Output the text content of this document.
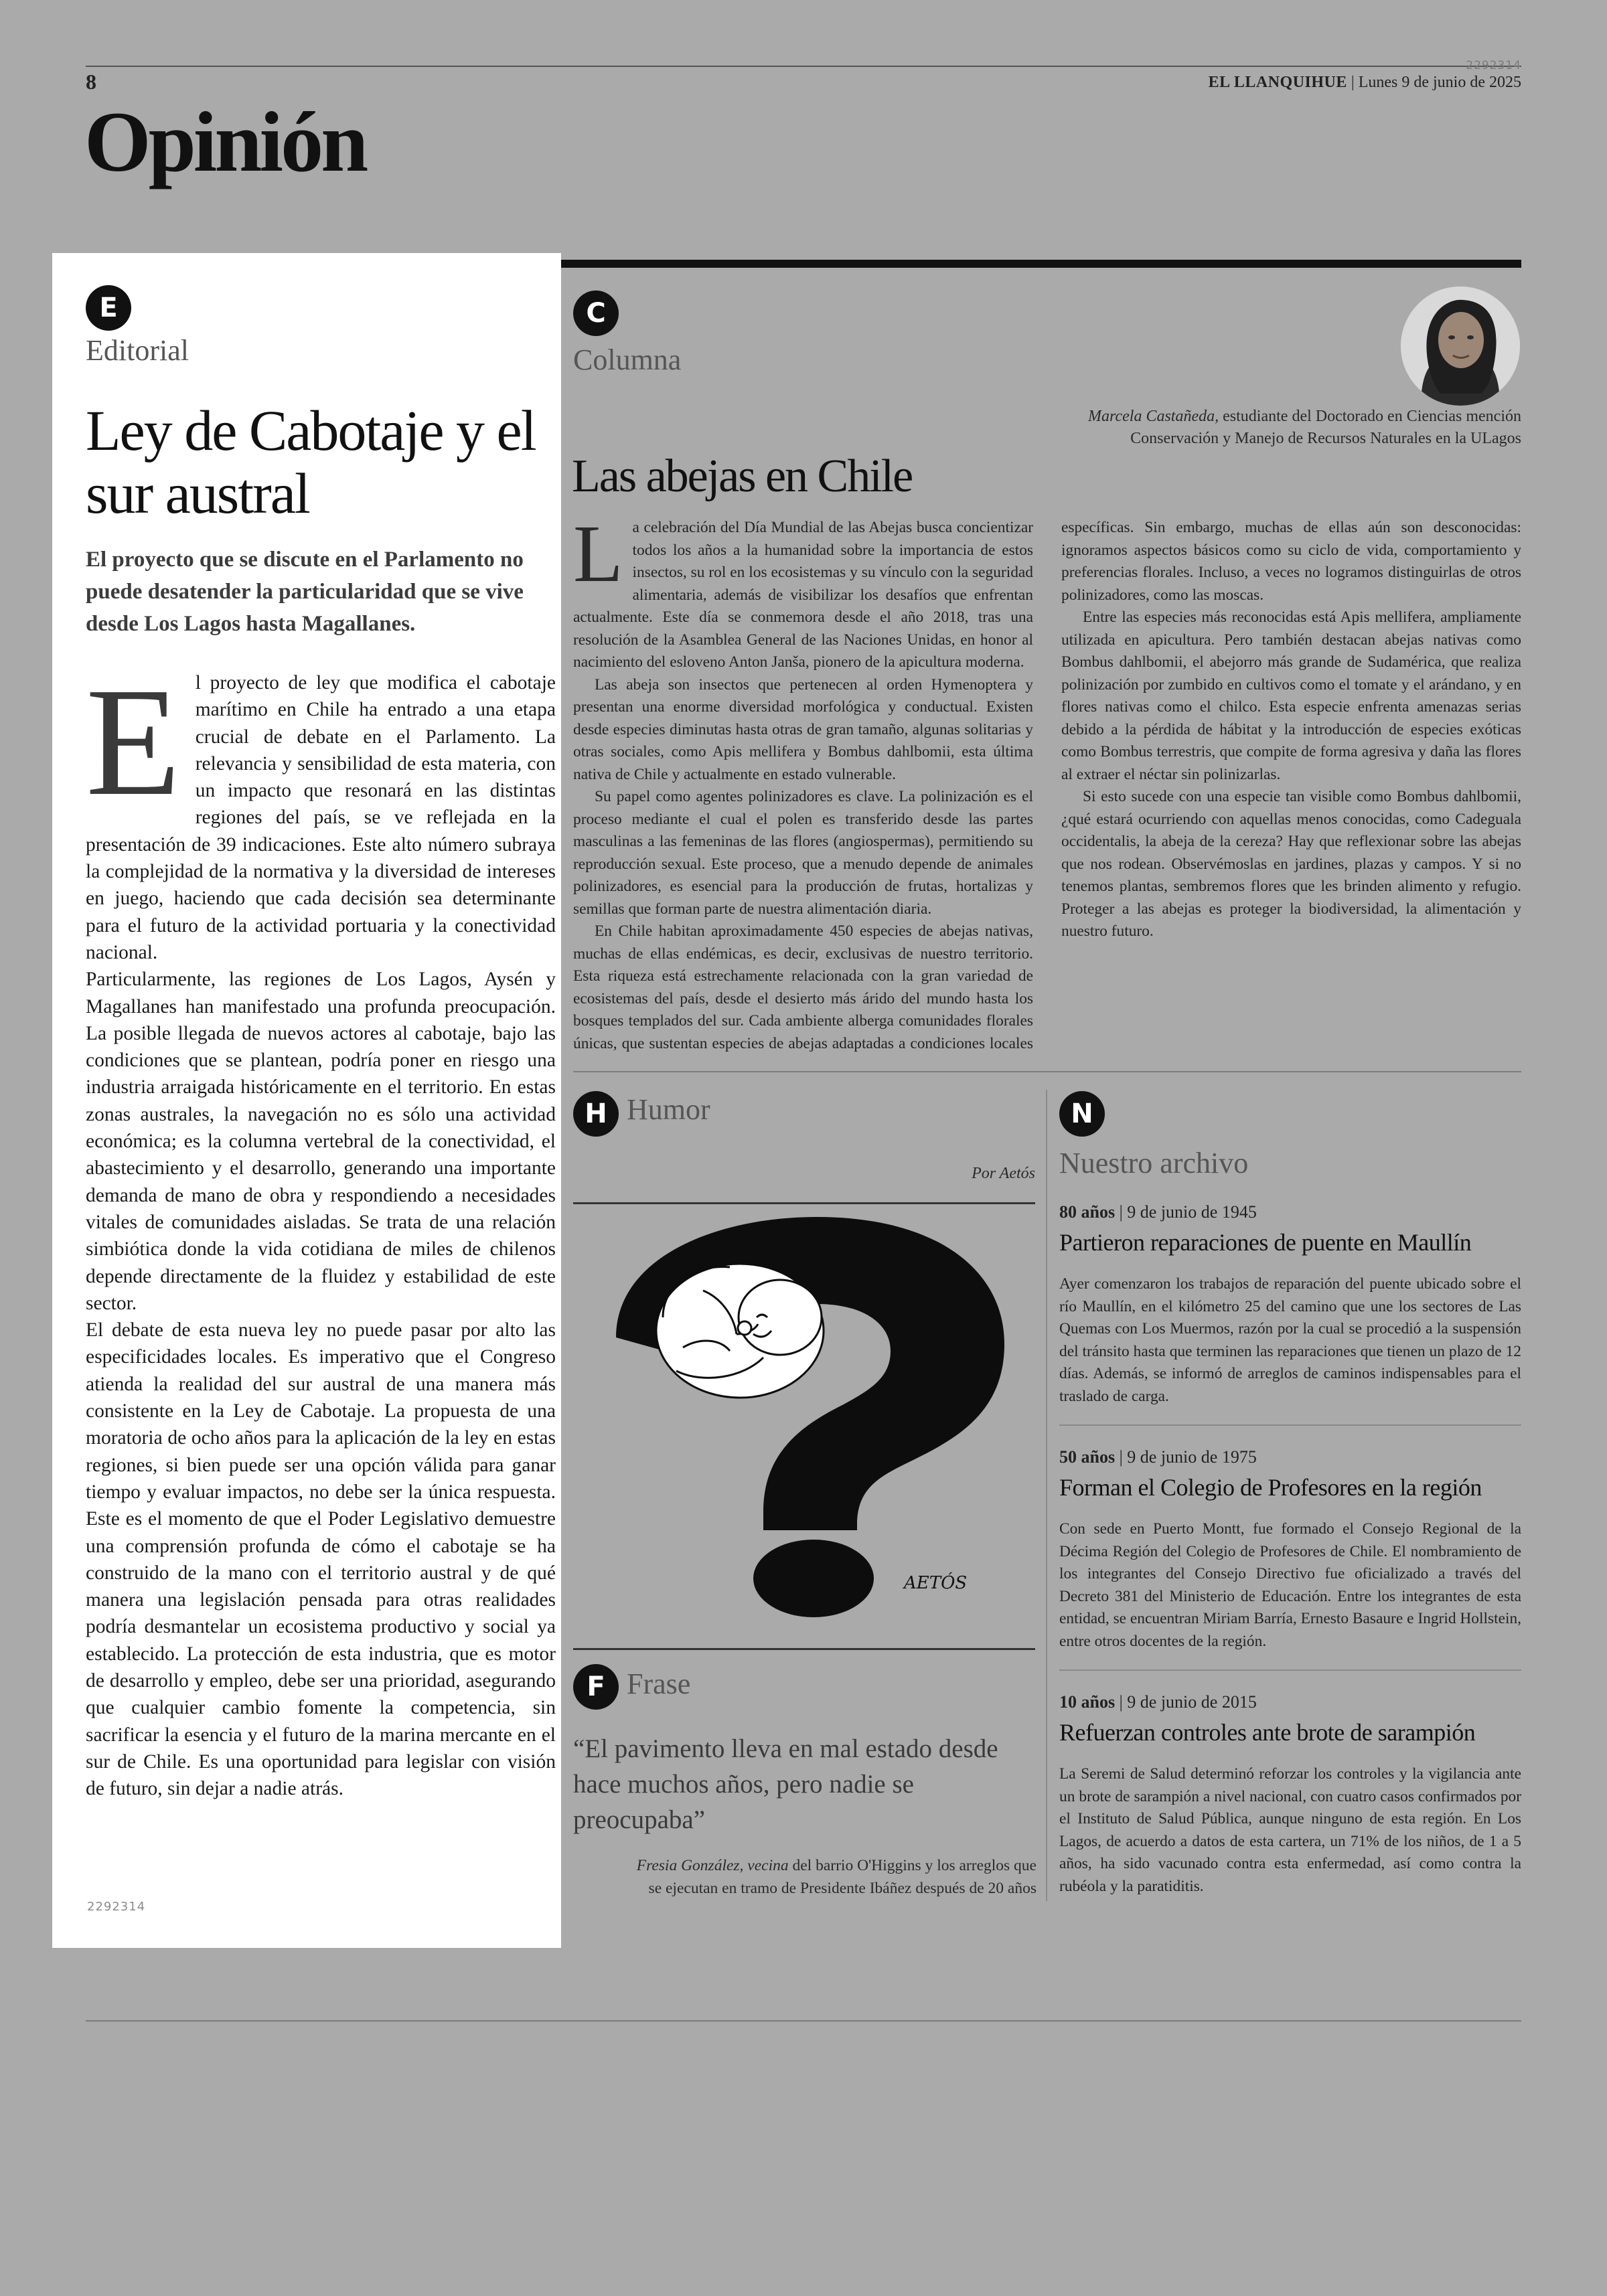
8
2292314
EL LLANQUIHUE | Lunes 9 de junio de 2025
Opinión
E
Editorial
Ley de Cabotaje y el sur austral
El proyecto que se discute en el Parlamento no puede desatender la particularidad que se vive desde Los Lagos hasta Magallanes.

El proyecto de ley que modifica el cabotaje marítimo en Chile ha entrado a una etapa crucial de debate en el Parlamento. La relevancia y sensibilidad de esta materia, con un impacto que resonará en las distintas regiones del país, se ve reflejada en la presentación de 39 indicaciones. Este alto número subraya la complejidad de la normativa y la diversidad de intereses en juego, haciendo que cada decisión sea determinante para el futuro de la actividad portuaria y la conectividad nacional.

Particularmente, las regiones de Los Lagos, Aysén y Magallanes han manifestado una profunda preocupación. La posible llegada de nuevos actores al cabotaje, bajo las condiciones que se plantean, podría poner en riesgo una industria arraigada históricamente en el territorio. En estas zonas australes, la navegación no es sólo una actividad económica; es la columna vertebral de la conectividad, el abastecimiento y el desarrollo, generando una importante demanda de mano de obra y respondiendo a necesidades vitales de comunidades aisladas. Se trata de una relación simbiótica donde la vida cotidiana de miles de chilenos depende directamente de la fluidez y estabilidad de este sector.

El debate de esta nueva ley no puede pasar por alto las especificidades locales. Es imperativo que el Congreso atienda la realidad del sur austral de una manera más consistente en la Ley de Cabotaje. La propuesta de una moratoria de ocho años para la aplicación de la ley en estas regiones, si bien puede ser una opción válida para ganar tiempo y evaluar impactos, no debe ser la única respuesta. Este es el momento de que el Poder Legislativo demuestre una comprensión profunda de cómo el cabotaje se ha construido de la mano con el territorio austral y de qué manera una legislación pensada para otras realidades podría desmantelar un ecosistema productivo y social ya establecido. La protección de esta industria, que es motor de desarrollo y empleo, debe ser una prioridad, asegurando que cualquier cambio fomente la competencia, sin sacrificar la esencia y el futuro de la marina mercante en el sur de Chile. Es una oportunidad para legislar con visión de futuro, sin dejar a nadie atrás.

2292314
C
Columna
Marcela Castañeda, estudiante del Doctorado en Ciencias mención
Conservación y Manejo de Recursos Naturales en la ULagos
Las abejas en Chile

La celebración del Día Mundial de las Abejas busca concientizar todos los años a la humanidad sobre la importancia de estos insectos, su rol en los ecosistemas y su vínculo con la seguridad alimentaria, además de visibilizar los desafíos que enfrentan actualmente. Este día se conmemora desde el año 2018, tras una resolución de la Asamblea General de las Naciones Unidas, en honor al nacimiento del esloveno Anton Janša, pionero de la apicultura moderna.

Las abeja son insectos que pertenecen al orden Hymenoptera y presentan una enorme diversidad morfológica y conductual. Existen desde especies diminutas hasta otras de gran tamaño, algunas solitarias y otras sociales, como Apis mellifera y Bombus dahlbomii, esta última nativa de Chile y actualmente en estado vulnerable.

Su papel como agentes polinizadores es clave. La polinización es el proceso mediante el cual el polen es transferido desde las partes masculinas a las femeninas de las flores (angiospermas), permitiendo su reproducción sexual. Este proceso, que a menudo depende de animales polinizadores, es esencial para la producción de frutas, hortalizas y semillas que forman parte de nuestra alimentación diaria.

En Chile habitan aproximadamente 450 especies de abejas nativas, muchas de ellas endémicas, es decir, exclusivas de nuestro territorio. Esta riqueza está estrechamente relacionada con la gran variedad de ecosistemas del país, desde el desierto más árido del mundo hasta los bosques templados del sur. Cada ambiente alberga comunidades florales únicas, que sustentan especies de abejas adaptadas a condiciones locales específicas. Sin embargo, muchas de ellas aún son desconocidas: ignoramos aspectos básicos como su ciclo de vida, comportamiento y preferencias florales. Incluso, a veces no logramos distinguirlas de otros polinizadores, como las moscas.

Entre las especies más reconocidas está Apis mellifera, ampliamente utilizada en apicultura. Pero también destacan abejas nativas como Bombus dahlbomii, el abejorro más grande de Sudamérica, que realiza polinización por zumbido en cultivos como el tomate y el arándano, y en flores nativas como el chilco. Esta especie enfrenta amenazas serias debido a la pérdida de hábitat y la introducción de especies exóticas como Bombus terrestris, que compite de forma agresiva y daña las flores al extraer el néctar sin polinizarlas.

Si esto sucede con una especie tan visible como Bombus dahlbomii, ¿qué estará ocurriendo con aquellas menos conocidas, como Cadeguala occidentalis, la abeja de la cereza? Hay que reflexionar sobre las abejas que nos rodean. Observémoslas en jardines, plazas y campos. Y si no tenemos plantas, sembremos flores que les brinden alimento y refugio. Proteger a las abejas es proteger la biodiversidad, la alimentación y nuestro futuro.

H Humor
Por Aetós
AETÓS
F Frase
“El pavimento lleva en mal estado desde hace muchos años, pero nadie se preocupaba”
Fresia González, vecina del barrio O'Higgins y los arreglos que
se ejecutan en tramo de Presidente Ibáñez después de 20 años
N
Nuestro archivo
80 años | 9 de junio de 1945
Partieron reparaciones de puente en Maullín
Ayer comenzaron los trabajos de reparación del puente ubicado sobre el río Maullín, en el kilómetro 25 del camino que une los sectores de Las Quemas con Los Muermos, razón por la cual se procedió a la suspensión del tránsito hasta que terminen las reparaciones que tienen un plazo de 12 días. Además, se informó de arreglos de caminos indispensables para el traslado de carga.
50 años | 9 de junio de 1975
Forman el Colegio de Profesores en la región
Con sede en Puerto Montt, fue formado el Consejo Regional de la Décima Región del Colegio de Profesores de Chile. El nombramiento de los integrantes del Consejo Directivo fue oficializado a través del Decreto 381 del Ministerio de Educación. Entre los integrantes de esta entidad, se encuentran Miriam Barría, Ernesto Basaure e Ingrid Hollstein, entre otros docentes de la región.
10 años | 9 de junio de 2015
Refuerzan controles ante brote de sarampión
La Seremi de Salud determinó reforzar los controles y la vigilancia ante un brote de sarampión a nivel nacional, con cuatro casos confirmados por el Instituto de Salud Pública, aunque ninguno de esta región. En Los Lagos, de acuerdo a datos de esta cartera, un 71% de los niños, de 1 a 5 años, ha sido vacunado contra esta enfermedad, así como contra la rubéola y la paratiditis.
